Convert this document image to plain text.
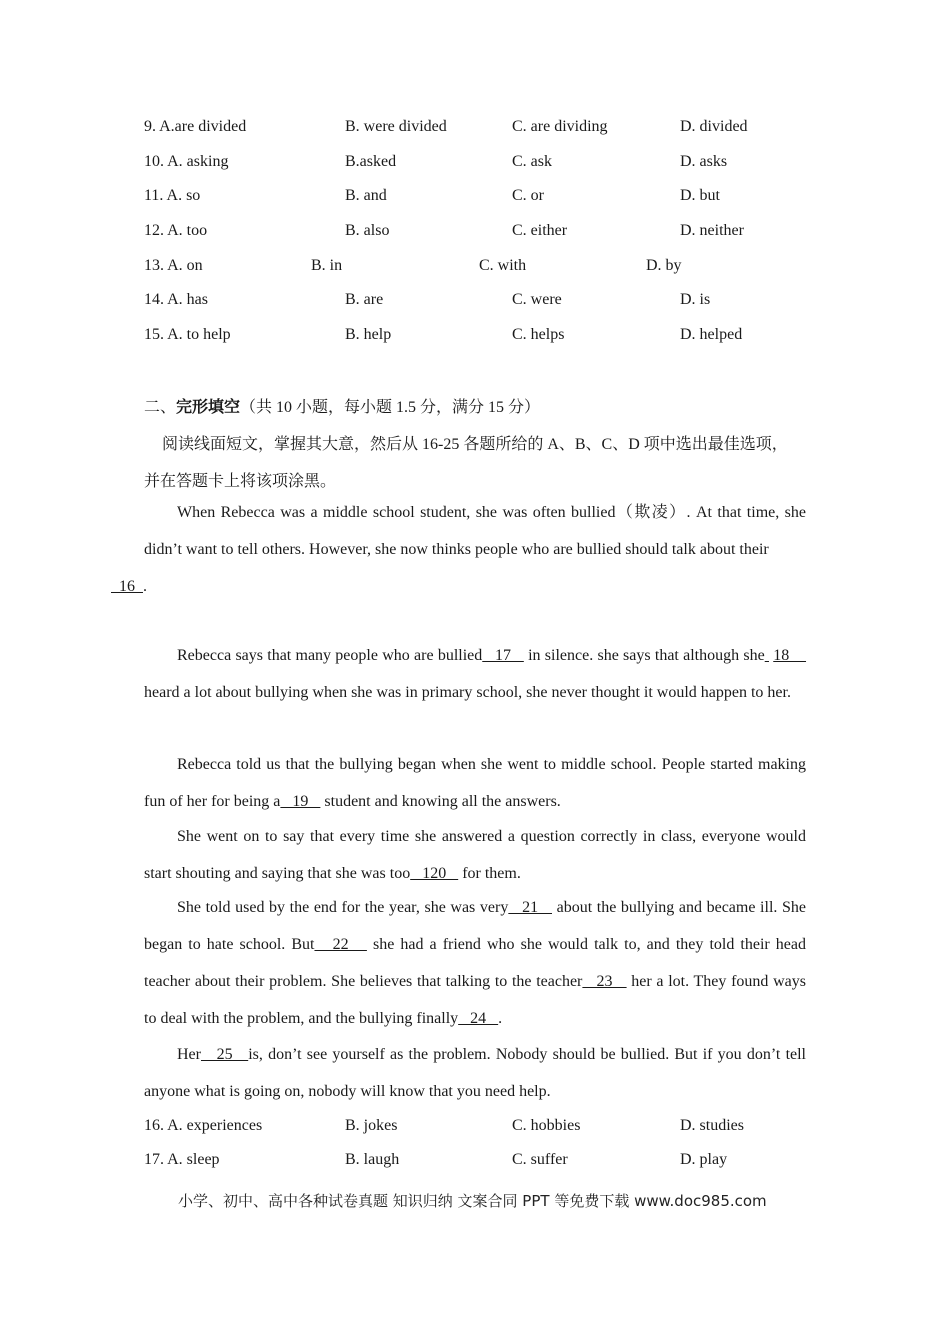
9. A.are divided	B. were divided	C. are dividing	D. divided
10. A. asking	B.asked	C. ask	D. asks
11. A. so	B. and	C. or	D. but
12. A. too	B. also	C. either	D. neither
13. A. on	B. in	C. with	D. by
14. A. has	B. are	C. were	D. is
15. A. to help	B. help	C. helps	D. helped
二、完形填空（共 10 小题，每小题 1.5 分，满分 15 分）
阅读线面短文，掌握其大意，然后从 16-25 各题所给的 A、B、C、D 项中选出最佳选项，
并在答题卡上将该项涂黑。
When Rebecca was a middle school student, she was often bullied（欺凌）. At that time, she didn’t want to tell others. However, she now thinks people who are bullied should talk about their
16  .
Rebecca says that many people who are bullied   17    in silence. she says that although she 18     heard a lot about bullying when she was in primary school, she never thought it would happen to her.
Rebecca told us that the bullying began when she went to middle school. People started making fun of her for being a   19    student and knowing all the answers.
She went on to say that every time she answered a question correctly in class, everyone would start shouting and saying that she was too   120    for them.
She told used by the end for the year, she was very   21    about the bullying and became ill. She began to hate school. But   22    she had a friend who she would talk to, and they told their head teacher about their problem. She believes that talking to the teacher   23    her a lot. They found ways to deal with the problem, and the bullying finally   24   .
Her   25   is, don’t see yourself as the problem. Nobody should be bullied. But if you don’t tell anyone what is going on, nobody will know that you need help.
16. A. experiences	B. jokes	C. hobbies	D. studies
17. A. sleep	B. laugh	C. suffer	D. play
小学、初中、高中各种试卷真题 知识归纳 文案合同 PPT 等免费下载 www.doc985.com
